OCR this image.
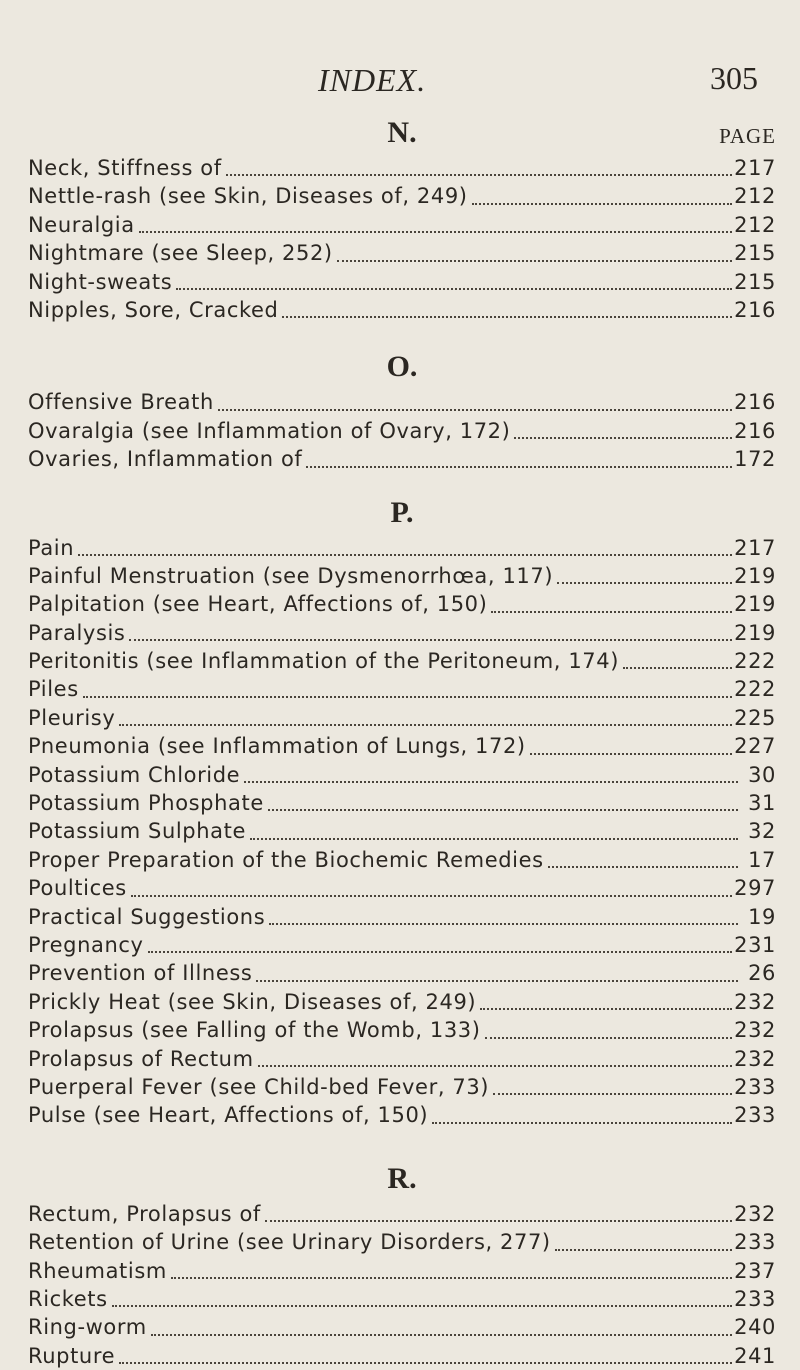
INDEX.	305
N.	PAGE
Neck, Stiffness of	217
Nettle-rash (see Skin, Diseases of, 249)	212
Neuralgia	212
Nightmare (see Sleep, 252)	215
Night-sweats	215
Nipples, Sore, Cracked	216
O.
Offensive Breath	216
Ovaralgia (see Inflammation of Ovary, 172)	216
Ovaries, Inflammation of	172
P.
Pain	217
Painful Menstruation (see Dysmenorrhœa, 117)	219
Palpitation (see Heart, Affections of, 150)	219
Paralysis	219
Peritonitis (see Inflammation of the Peritoneum, 174)	222
Piles	222
Pleurisy	225
Pneumonia (see Inflammation of Lungs, 172)	227
Potassium Chloride	30
Potassium Phosphate	31
Potassium Sulphate	32
Proper Preparation of the Biochemic Remedies	17
Poultices	297
Practical Suggestions	19
Pregnancy	231
Prevention of Illness	26
Prickly Heat (see Skin, Diseases of, 249)	232
Prolapsus (see Falling of the Womb, 133)	232
Prolapsus of Rectum	232
Puerperal Fever (see Child-bed Fever, 73)	233
Pulse (see Heart, Affections of, 150)	233
R.
Rectum, Prolapsus of	232
Retention of Urine (see Urinary Disorders, 277)	233
Rheumatism	237
Rickets	233
Ring-worm	240
Rupture	241
